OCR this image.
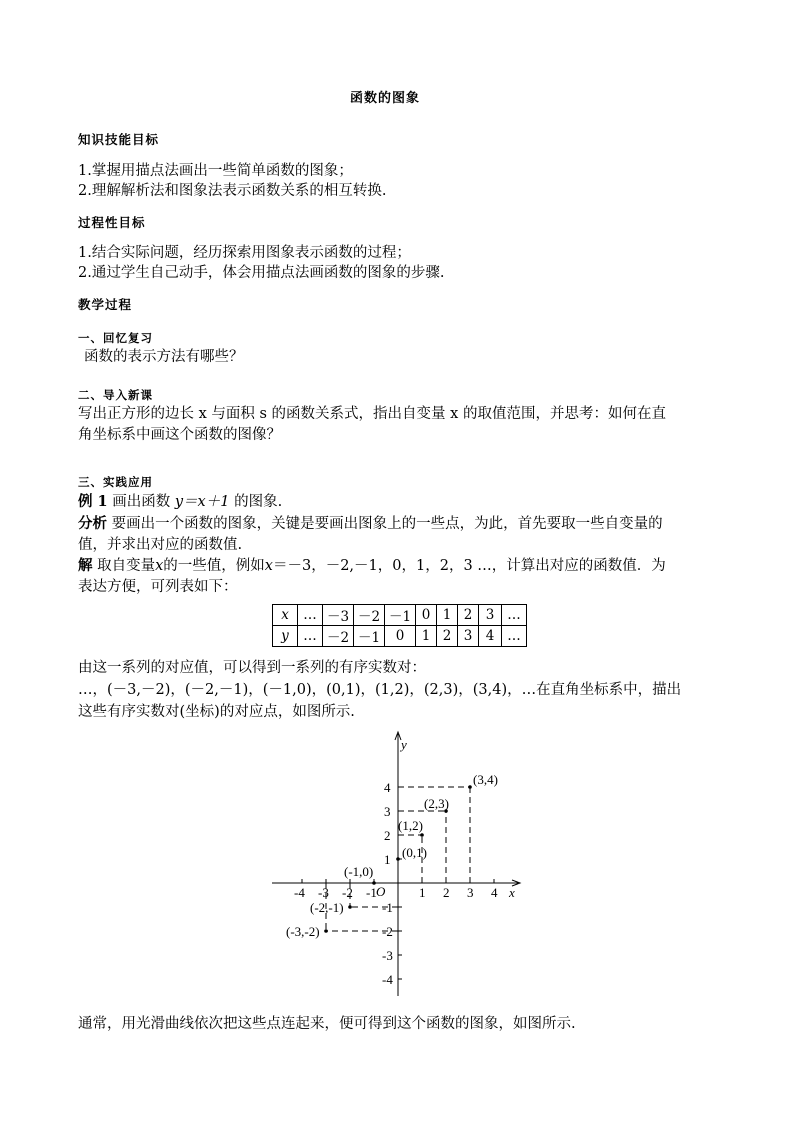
函数的图象
知识技能目标
1.掌握用描点法画出一些简单函数的图象；
2.理解解析法和图象法表示函数关系的相互转换.
过程性目标
1.结合实际问题，经历探索用图象表示函数的过程；
2.通过学生自己动手，体会用描点法画函数的图象的步骤.
教学过程
一、回忆复习
函数的表示方法有哪些？
二、导入新课
写出正方形的边长 x 与面积 s 的函数关系式，指出自变量 x 的取值范围，并思考：如何在直
角坐标系中画这个函数的图像？
三、实践应用
例 1 画出函数 y＝x＋1 的图象.
分析 要画出一个函数的图象，关键是要画出图象上的一些点，为此，首先要取一些自变量的
值，并求出对应的函数值.
解 取自变量x的一些值，例如x＝－3，－2,－1，0，1，2，3 …，计算出对应的函数值．为
表达方便，可列表如下：
x	…	－3	－2	－1	0	1	2	3	…
y	…	－2	－1	0	1	2	3	4	…
由这一系列的对应值，可以得到一系列的有序实数对：
…，(－3,－2)，(－2,－1)，(－1,0)，(0,1)，(1,2)，(2,3)，(3,4)，…在直角坐标系中，描出
这些有序实数对(坐标)的对应点，如图所示.
x
y
O
-4 -3 -2 -1	1 2 3 4
-4
-3
-2
-1
1
2
3
4
(-3,-2)
(-2,-1)
(-1,0)
(0,1)
(1,2)
(2,3)
(3,4)
通常，用光滑曲线依次把这些点连起来，便可得到这个函数的图象，如图所示.
